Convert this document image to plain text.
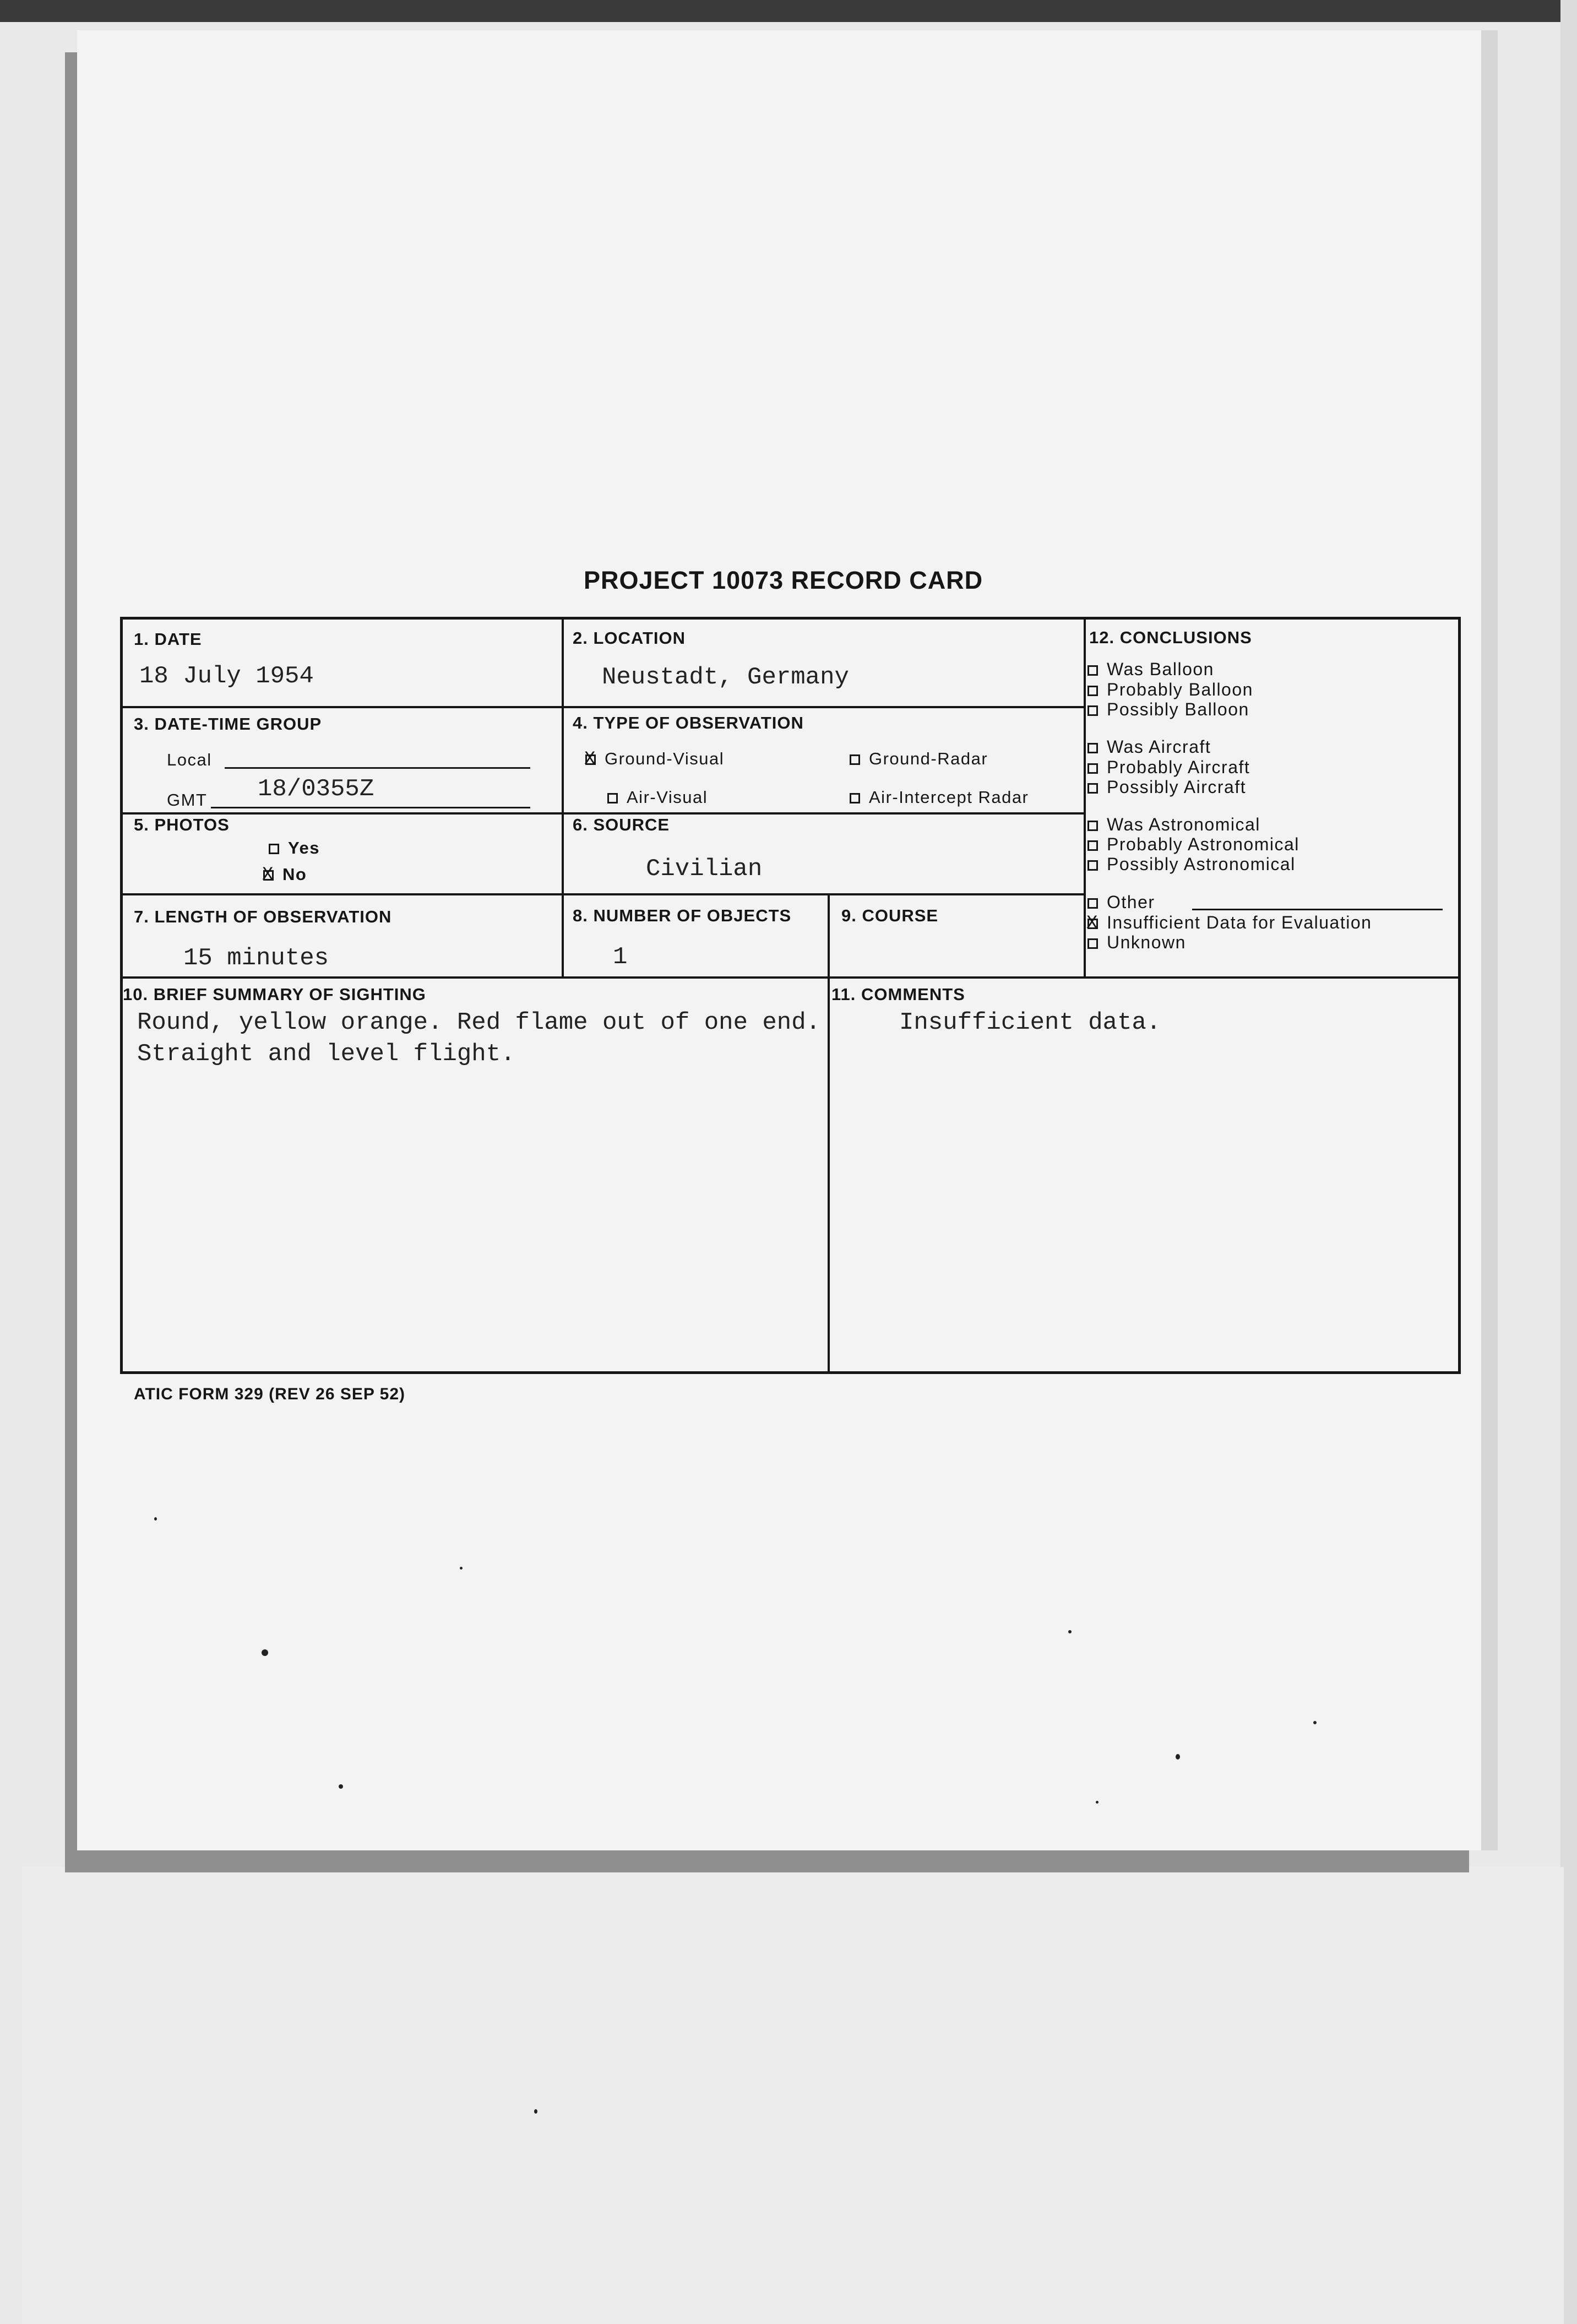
PROJECT 10073 RECORD CARD
1. DATE
18 July 1954
2. LOCATION
Neustadt, Germany
3. DATE-TIME GROUP
Local
GMT 18/0355Z
4. TYPE OF OBSERVATION
XGround-Visual	Ground-Radar
Air-Visual	Air-Intercept Radar
5. PHOTOS
Yes
XNo
6. SOURCE
Civilian
7. LENGTH OF OBSERVATION
15 minutes
8. NUMBER OF OBJECTS
1
9. COURSE
10. BRIEF SUMMARY OF SIGHTING
Round, yellow orange. Red flame out of one end.
Straight and level flight.
11. COMMENTS
Insufficient data.
12. CONCLUSIONS
Was Balloon
Probably Balloon
Possibly Balloon
Was Aircraft
Probably Aircraft
Possibly Aircraft
Was Astronomical
Probably Astronomical
Possibly Astronomical
Other
XInsufficient Data for Evaluation
Unknown
ATIC FORM 329 (REV 26 SEP 52)
